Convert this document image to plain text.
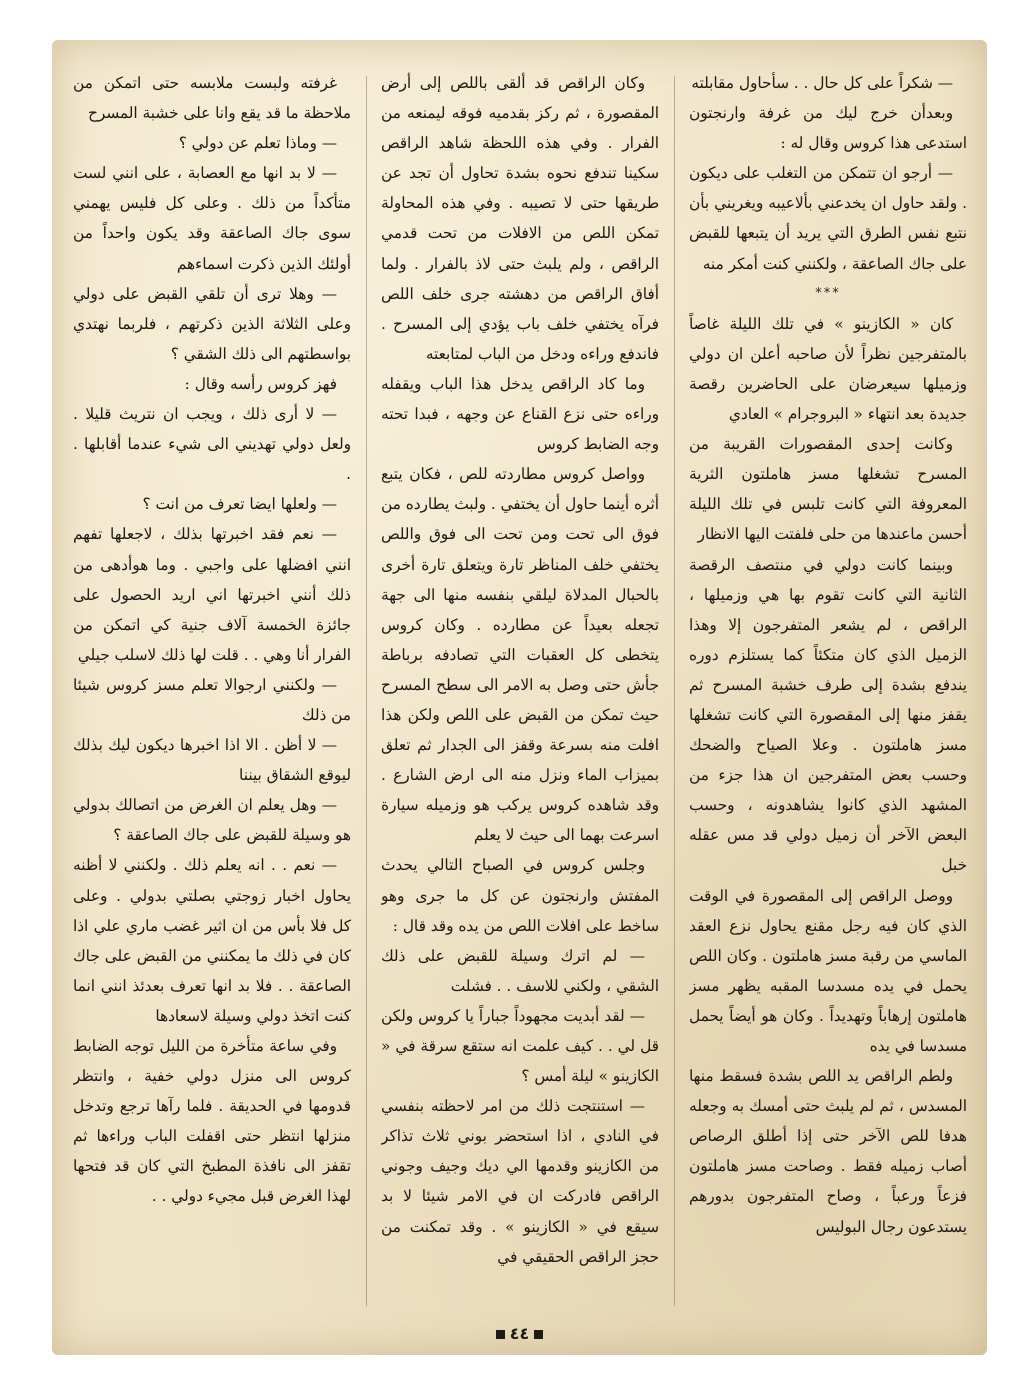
— شكراً على كل حال . . سأحاول مقابلته

وبعدأن خرج ليك من غرفة وارنجتون استدعى هذا كروس وقال له :

— أرجو ان تتمكن من التغلب على ديكون . ولقد حاول ان يخدعني بألاعيبه ويغريني بأن نتبع نفس الطرق التي يريد أن يتبعها للقبض على جاك الصاعقة ، ولكنني كنت أمكر منه

***

كان « الكازينو » في تلك الليلة غاصاً بالمتفرجين نظراً لأن صاحبه أعلن ان دولي وزميلها سيعرضان على الحاضرين رقصة جديدة بعد انتهاء « البروجرام » العادي

وكانت إحدى المقصورات القريبة من المسرح تشغلها مسز هاملتون الثرية المعروفة التي كانت تلبس في تلك الليلة أحسن ماعندها من حلى فلفتت اليها الانظار

وبينما كانت دولي في منتصف الرقصة الثانية التي كانت تقوم بها هي وزميلها ، الراقص ، لم يشعر المتفرجون إلا وهذا الزميل الذي كان متكئاً كما يستلزم دوره يندفع بشدة إلى طرف خشبة المسرح ثم يقفز منها إلى المقصورة التي كانت تشغلها مسز هاملتون . وعلا الصياح والضحك وحسب بعض المتفرجين ان هذا جزء من المشهد الذي كانوا يشاهدونه ، وحسب البعض الآخر أن زميل دولي قد مس عقله خبل

ووصل الراقص إلى المقصورة في الوقت الذي كان فيه رجل مقنع يحاول نزع العقد الماسي من رقبة مسز هاملتون . وكان اللص يحمل في يده مسدسا المقبه يظهر مسز هاملتون إرهاباً وتهديداً . وكان هو أيضاً يحمل مسدسا في يده

ولطم الراقص يد اللص بشدة فسقط منها المسدس ، ثم لم يلبث حتى أمسك به وجعله هدفا للص الآخر حتى إذا أطلق الرصاص أصاب زميله فقط . وصاحت مسز هاملتون فزعاً ورعباً ، وصاح المتفرجون بدورهم يستدعون رجال البوليس

وكان الراقص قد ألقى باللص إلى أرض المقصورة ، ثم ركز بقدميه فوقه ليمنعه من الفرار . وفي هذه اللحظة شاهد الراقص سكينا تندفع نحوه بشدة تحاول أن تجد عن طريقها حتى لا تصيبه . وفي هذه المحاولة تمكن اللص من الافلات من تحت قدمي الراقص ، ولم يلبث حتى لاذ بالفرار . ولما أفاق الراقص من دهشته جرى خلف اللص فرآه يختفي خلف باب يؤدي إلى المسرح . فاندفع وراءه ودخل من الباب لمتابعته

وما كاد الراقص يدخل هذا الباب ويقفله وراءه حتى نزع القناع عن وجهه ، فبدا تحته وجه الضابط كروس

وواصل كروس مطاردته للص ، فكان يتبع أثره أينما حاول أن يختفي . ولبث يطارده من فوق الى تحت ومن تحت الى فوق واللص يختفي خلف المناظر تارة ويتعلق تارة أخرى بالحبال المدلاة ليلقي بنفسه منها الى جهة تجعله بعيداً عن مطارده . وكان كروس يتخطى كل العقبات التي تصادفه برباطة جأش حتى وصل به الامر الى سطح المسرح حيث تمكن من القبض على اللص ولكن هذا افلت منه بسرعة وقفز الى الجدار ثم تعلق بميزاب الماء ونزل منه الى ارض الشارع . وقد شاهده كروس يركب هو وزميله سيارة اسرعت بهما الى حيث لا يعلم

وجلس كروس في الصباح التالي يحدث المفتش وارنجتون عن كل ما جرى وهو ساخط على افلات اللص من يده وقد قال :

— لم اترك وسيلة للقبض على ذلك الشقي ، ولكني للاسف . . فشلت

— لقد أبديت مجهوداً جباراً يا كروس ولكن قل لي . . كيف علمت انه ستقع سرقة في « الكازينو » ليلة أمس ؟

— استنتجت ذلك من امر لاحظته بنفسي في النادي ، اذا استحضر بوني ثلاث تذاكر من الكازينو وقدمها الي ديك وجيف وجوني الراقص فادركت ان في الامر شيئا لا بد سيقع في « الكازينو » . وقد تمكنت من حجز الراقص الحقيقي في

غرفته ولبست ملابسه حتى اتمكن من ملاحظة ما قد يقع وانا على خشبة المسرح

— وماذا تعلم عن دولي ؟

— لا بد انها مع العصابة ، على انني لست متأكداً من ذلك . وعلى كل فليس يهمني سوى جاك الصاعقة وقد يكون واحداً من أولئك الذين ذكرت اسماءهم

— وهلا ترى أن تلقي القبض على دولي وعلى الثلاثة الذين ذكرتهم ، فلربما نهتدي بواسطتهم الى ذلك الشقي ؟

فهز كروس رأسه وقال :

— لا أرى ذلك ، ويجب ان نتريث قليلا . ولعل دولي تهديني الى شيء عندما أقابلها . .

— ولعلها ايضا تعرف من انت ؟

— نعم فقد اخبرتها بذلك ، لاجعلها تفهم انني افضلها على واجبي . وما هوأدهى من ذلك أنني اخبرتها اني اريد الحصول على جائزة الخمسة آلاف جنية كي اتمكن من الفرار أنا وهي . . قلت لها ذلك لاسلب جيلي

— ولكنني ارجوالا تعلم مسز كروس شيئا من ذلك

— لا أظن . الا اذا اخبرها ديكون ليك بذلك ليوقع الشقاق بيننا

— وهل يعلم ان الغرض من اتصالك بدولي هو وسيلة للقبض على جاك الصاعقة ؟

— نعم . . انه يعلم ذلك . ولكنني لا أظنه يحاول اخبار زوجتي بصلتي بدولي . وعلى كل فلا بأس من ان اثير غضب ماري علي اذا كان في ذلك ما يمكنني من القبض على جاك الصاعقة . . فلا بد انها تعرف بعدئذ انني انما كنت اتخذ دولي وسيلة لاسعادها

وفي ساعة متأخرة من الليل توجه الضابط كروس الى منزل دولي خفية ، وانتظر قدومها في الحديقة . فلما رآها ترجع وتدخل منزلها انتظر حتى اقفلت الباب وراءها ثم تقفز الى نافذة المطبخ التي كان قد فتحها لهذا الغرض قبل مجيء دولي . .

٤٤
